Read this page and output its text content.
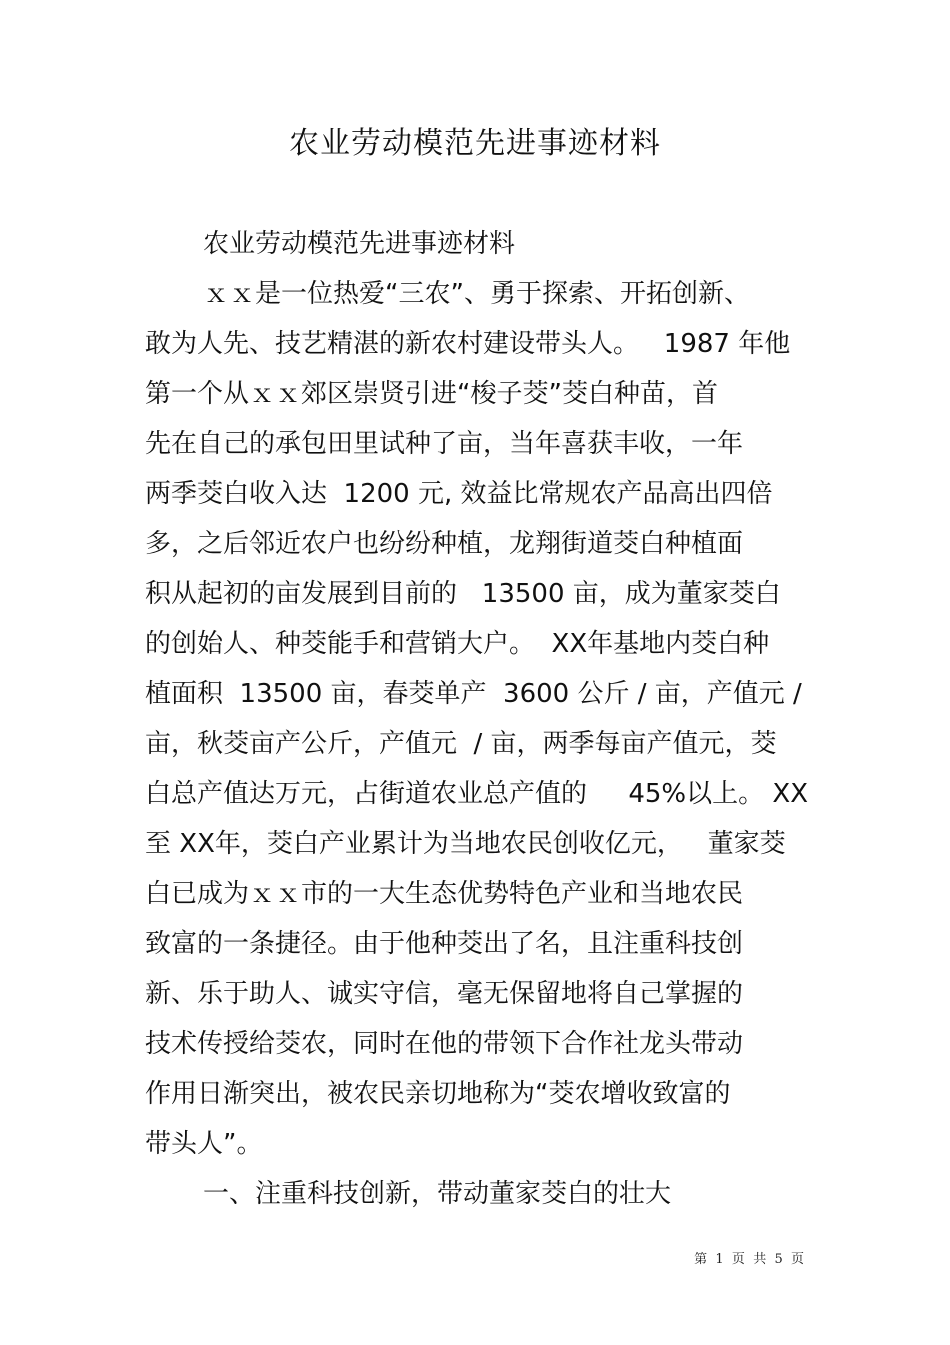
农业劳动模范先进事迹材料
农业劳动模范先进事迹材料
ｘｘ是一位热爱“三农”、勇于探索、开拓创新、
敢为人先、技艺精湛的新农村建设带头人。   1987 年他
第一个从ｘｘ郊区崇贤引进“梭子茭”茭白种苗，首
先在自己的承包田里试种了亩，当年喜获丰收，一年
两季茭白收入达  1200 元, 效益比常规农产品高出四倍
多，之后邻近农户也纷纷种植，龙翔街道茭白种植面
积从起初的亩发展到目前的   13500 亩，成为董家茭白
的创始人、种茭能手和营销大户。  XX年基地内茭白种
植面积  13500 亩，春茭单产  3600 公斤 / 亩，产值元 /
亩，秋茭亩产公斤，产值元  / 亩，两季每亩产值元，茭
白总产值达万元，占街道农业总产值的     45%以上。 XX
至 XX年，茭白产业累计为当地农民创收亿元，   董家茭
白已成为ｘｘ市的一大生态优势特色产业和当地农民
致富的一条捷径。由于他种茭出了名，且注重科技创
新、乐于助人、诚实守信，毫无保留地将自己掌握的
技术传授给茭农，同时在他的带领下合作社龙头带动
作用日渐突出，被农民亲切地称为“茭农增收致富的
带头人”。
一、注重科技创新，带动董家茭白的壮大
第  1  页  共  5  页
